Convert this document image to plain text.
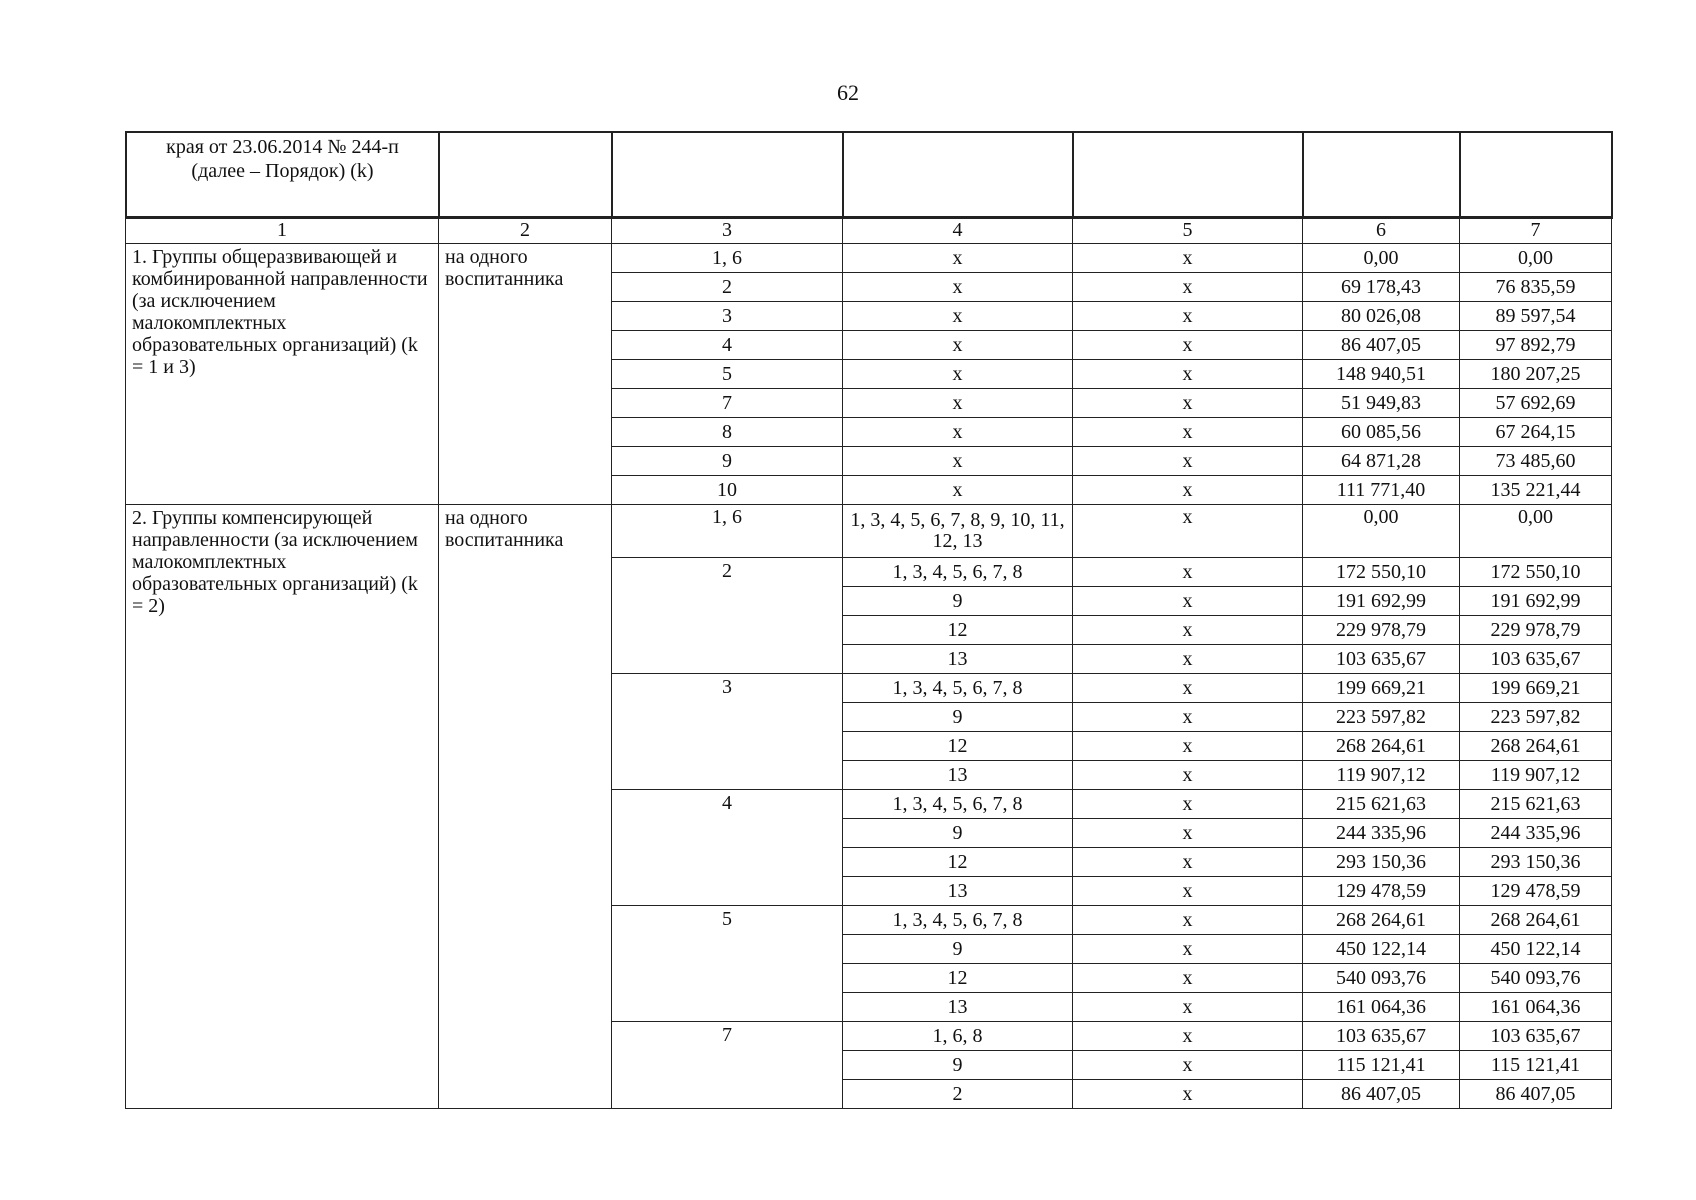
62
края от 23.06.2014 № 244-п
(далее – Порядок) (k)

1	2	3	4	5	6	7
1. Группы общеразвивающей и комбинированной направленности (за исключением малокомплектных образовательных организаций) (k = 1 и 3)	на одного воспитанника	1, 6	х	х	0,00	0,00
		2	х	х	69 178,43	76 835,59
		3	х	х	80 026,08	89 597,54
		4	х	х	86 407,05	97 892,79
		5	х	х	148 940,51	180 207,25
		7	х	х	51 949,83	57 692,69
		8	х	х	60 085,56	67 264,15
		9	х	х	64 871,28	73 485,60
		10	х	х	111 771,40	135 221,44
2. Группы компенсирующей направленности (за исключением малокомплектных образовательных организаций) (k = 2)	на одного воспитанника	1, 6	1, 3, 4, 5, 6, 7, 8, 9, 10, 11, 12, 13	х	0,00	0,00
		2	1, 3, 4, 5, 6, 7, 8	х	172 550,10	172 550,10
			9	х	191 692,99	191 692,99
			12	х	229 978,79	229 978,79
			13	х	103 635,67	103 635,67
		3	1, 3, 4, 5, 6, 7, 8	х	199 669,21	199 669,21
			9	х	223 597,82	223 597,82
			12	х	268 264,61	268 264,61
			13	х	119 907,12	119 907,12
		4	1, 3, 4, 5, 6, 7, 8	х	215 621,63	215 621,63
			9	х	244 335,96	244 335,96
			12	х	293 150,36	293 150,36
			13	х	129 478,59	129 478,59
		5	1, 3, 4, 5, 6, 7, 8	х	268 264,61	268 264,61
			9	х	450 122,14	450 122,14
			12	х	540 093,76	540 093,76
			13	х	161 064,36	161 064,36
		7	1, 6, 8	х	103 635,67	103 635,67
			9	х	115 121,41	115 121,41
			2	х	86 407,05	86 407,05
